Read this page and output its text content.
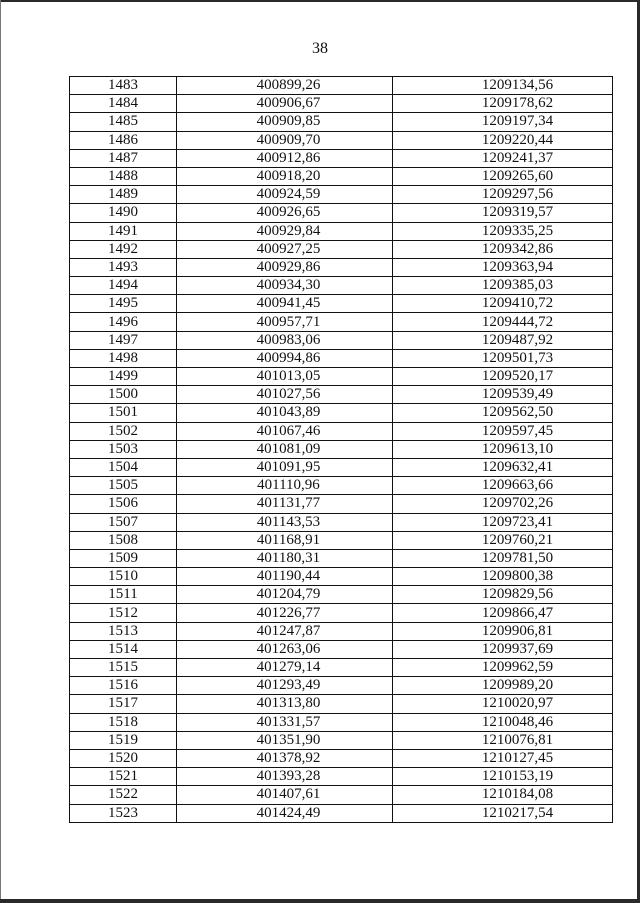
38
1483	400899,26	1209134,56
1484	400906,67	1209178,62
1485	400909,85	1209197,34
1486	400909,70	1209220,44
1487	400912,86	1209241,37
1488	400918,20	1209265,60
1489	400924,59	1209297,56
1490	400926,65	1209319,57
1491	400929,84	1209335,25
1492	400927,25	1209342,86
1493	400929,86	1209363,94
1494	400934,30	1209385,03
1495	400941,45	1209410,72
1496	400957,71	1209444,72
1497	400983,06	1209487,92
1498	400994,86	1209501,73
1499	401013,05	1209520,17
1500	401027,56	1209539,49
1501	401043,89	1209562,50
1502	401067,46	1209597,45
1503	401081,09	1209613,10
1504	401091,95	1209632,41
1505	401110,96	1209663,66
1506	401131,77	1209702,26
1507	401143,53	1209723,41
1508	401168,91	1209760,21
1509	401180,31	1209781,50
1510	401190,44	1209800,38
1511	401204,79	1209829,56
1512	401226,77	1209866,47
1513	401247,87	1209906,81
1514	401263,06	1209937,69
1515	401279,14	1209962,59
1516	401293,49	1209989,20
1517	401313,80	1210020,97
1518	401331,57	1210048,46
1519	401351,90	1210076,81
1520	401378,92	1210127,45
1521	401393,28	1210153,19
1522	401407,61	1210184,08
1523	401424,49	1210217,54
